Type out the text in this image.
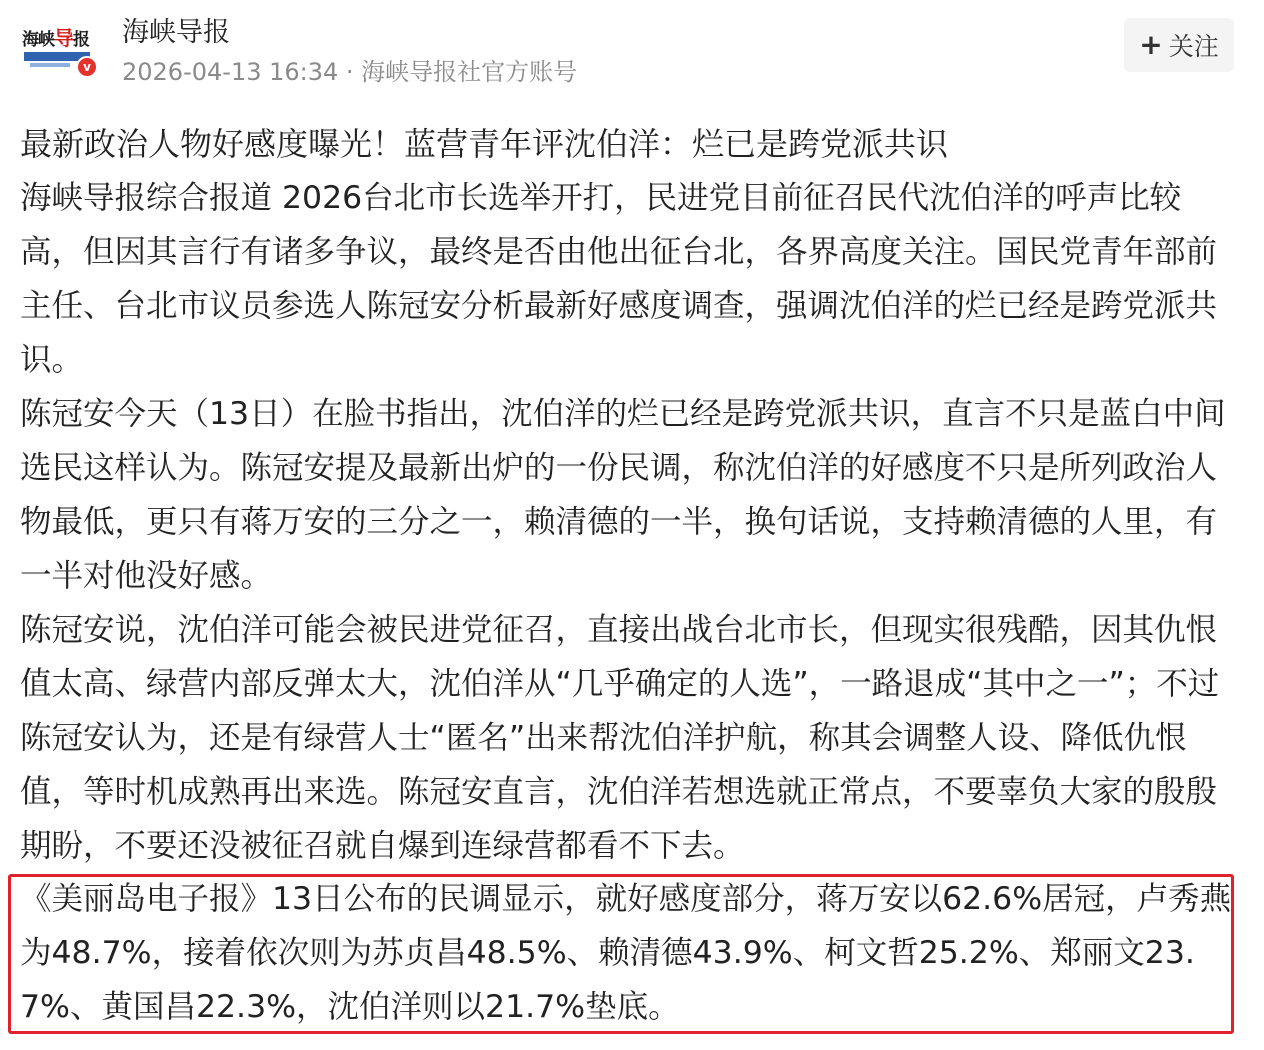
海峡导报
v
海峡导报
2026-04-13 16:34 · 海峡导报社官方账号
+ 关注

最新政治人物好感度曝光！蓝营青年评沈伯洋：烂已是跨党派共识

海峡导报综合报道 2026台北市长选举开打，民进党目前征召民代沈伯洋的呼声比较高，但因其言行有诸多争议，最终是否由他出征台北，各界高度关注。国民党青年部前主任、台北市议员参选人陈冠安分析最新好感度调查，强调沈伯洋的烂已经是跨党派共识。

陈冠安今天（13日）在脸书指出，沈伯洋的烂已经是跨党派共识，直言不只是蓝白中间选民这样认为。陈冠安提及最新出炉的一份民调，称沈伯洋的好感度不只是所列政治人物最低，更只有蒋万安的三分之一，赖清德的一半，换句话说，支持赖清德的人里，有一半对他没好感。

陈冠安说，沈伯洋可能会被民进党征召，直接出战台北市长，但现实很残酷，因其仇恨值太高、绿营内部反弹太大，沈伯洋从“几乎确定的人选”，一路退成“其中之一”；不过陈冠安认为，还是有绿营人士“匿名”出来帮沈伯洋护航，称其会调整人设、降低仇恨值，等时机成熟再出来选。陈冠安直言，沈伯洋若想选就正常点，不要辜负大家的殷殷期盼，不要还没被征召就自爆到连绿营都看不下去。

《美丽岛电子报》13日公布的民调显示，就好感度部分，蒋万安以62.6%居冠，卢秀燕为48.7%，接着依次则为苏贞昌48.5%、赖清德43.9%、柯文哲25.2%、郑丽文23.7%、黄国昌22.3%，沈伯洋则以21.7%垫底。
